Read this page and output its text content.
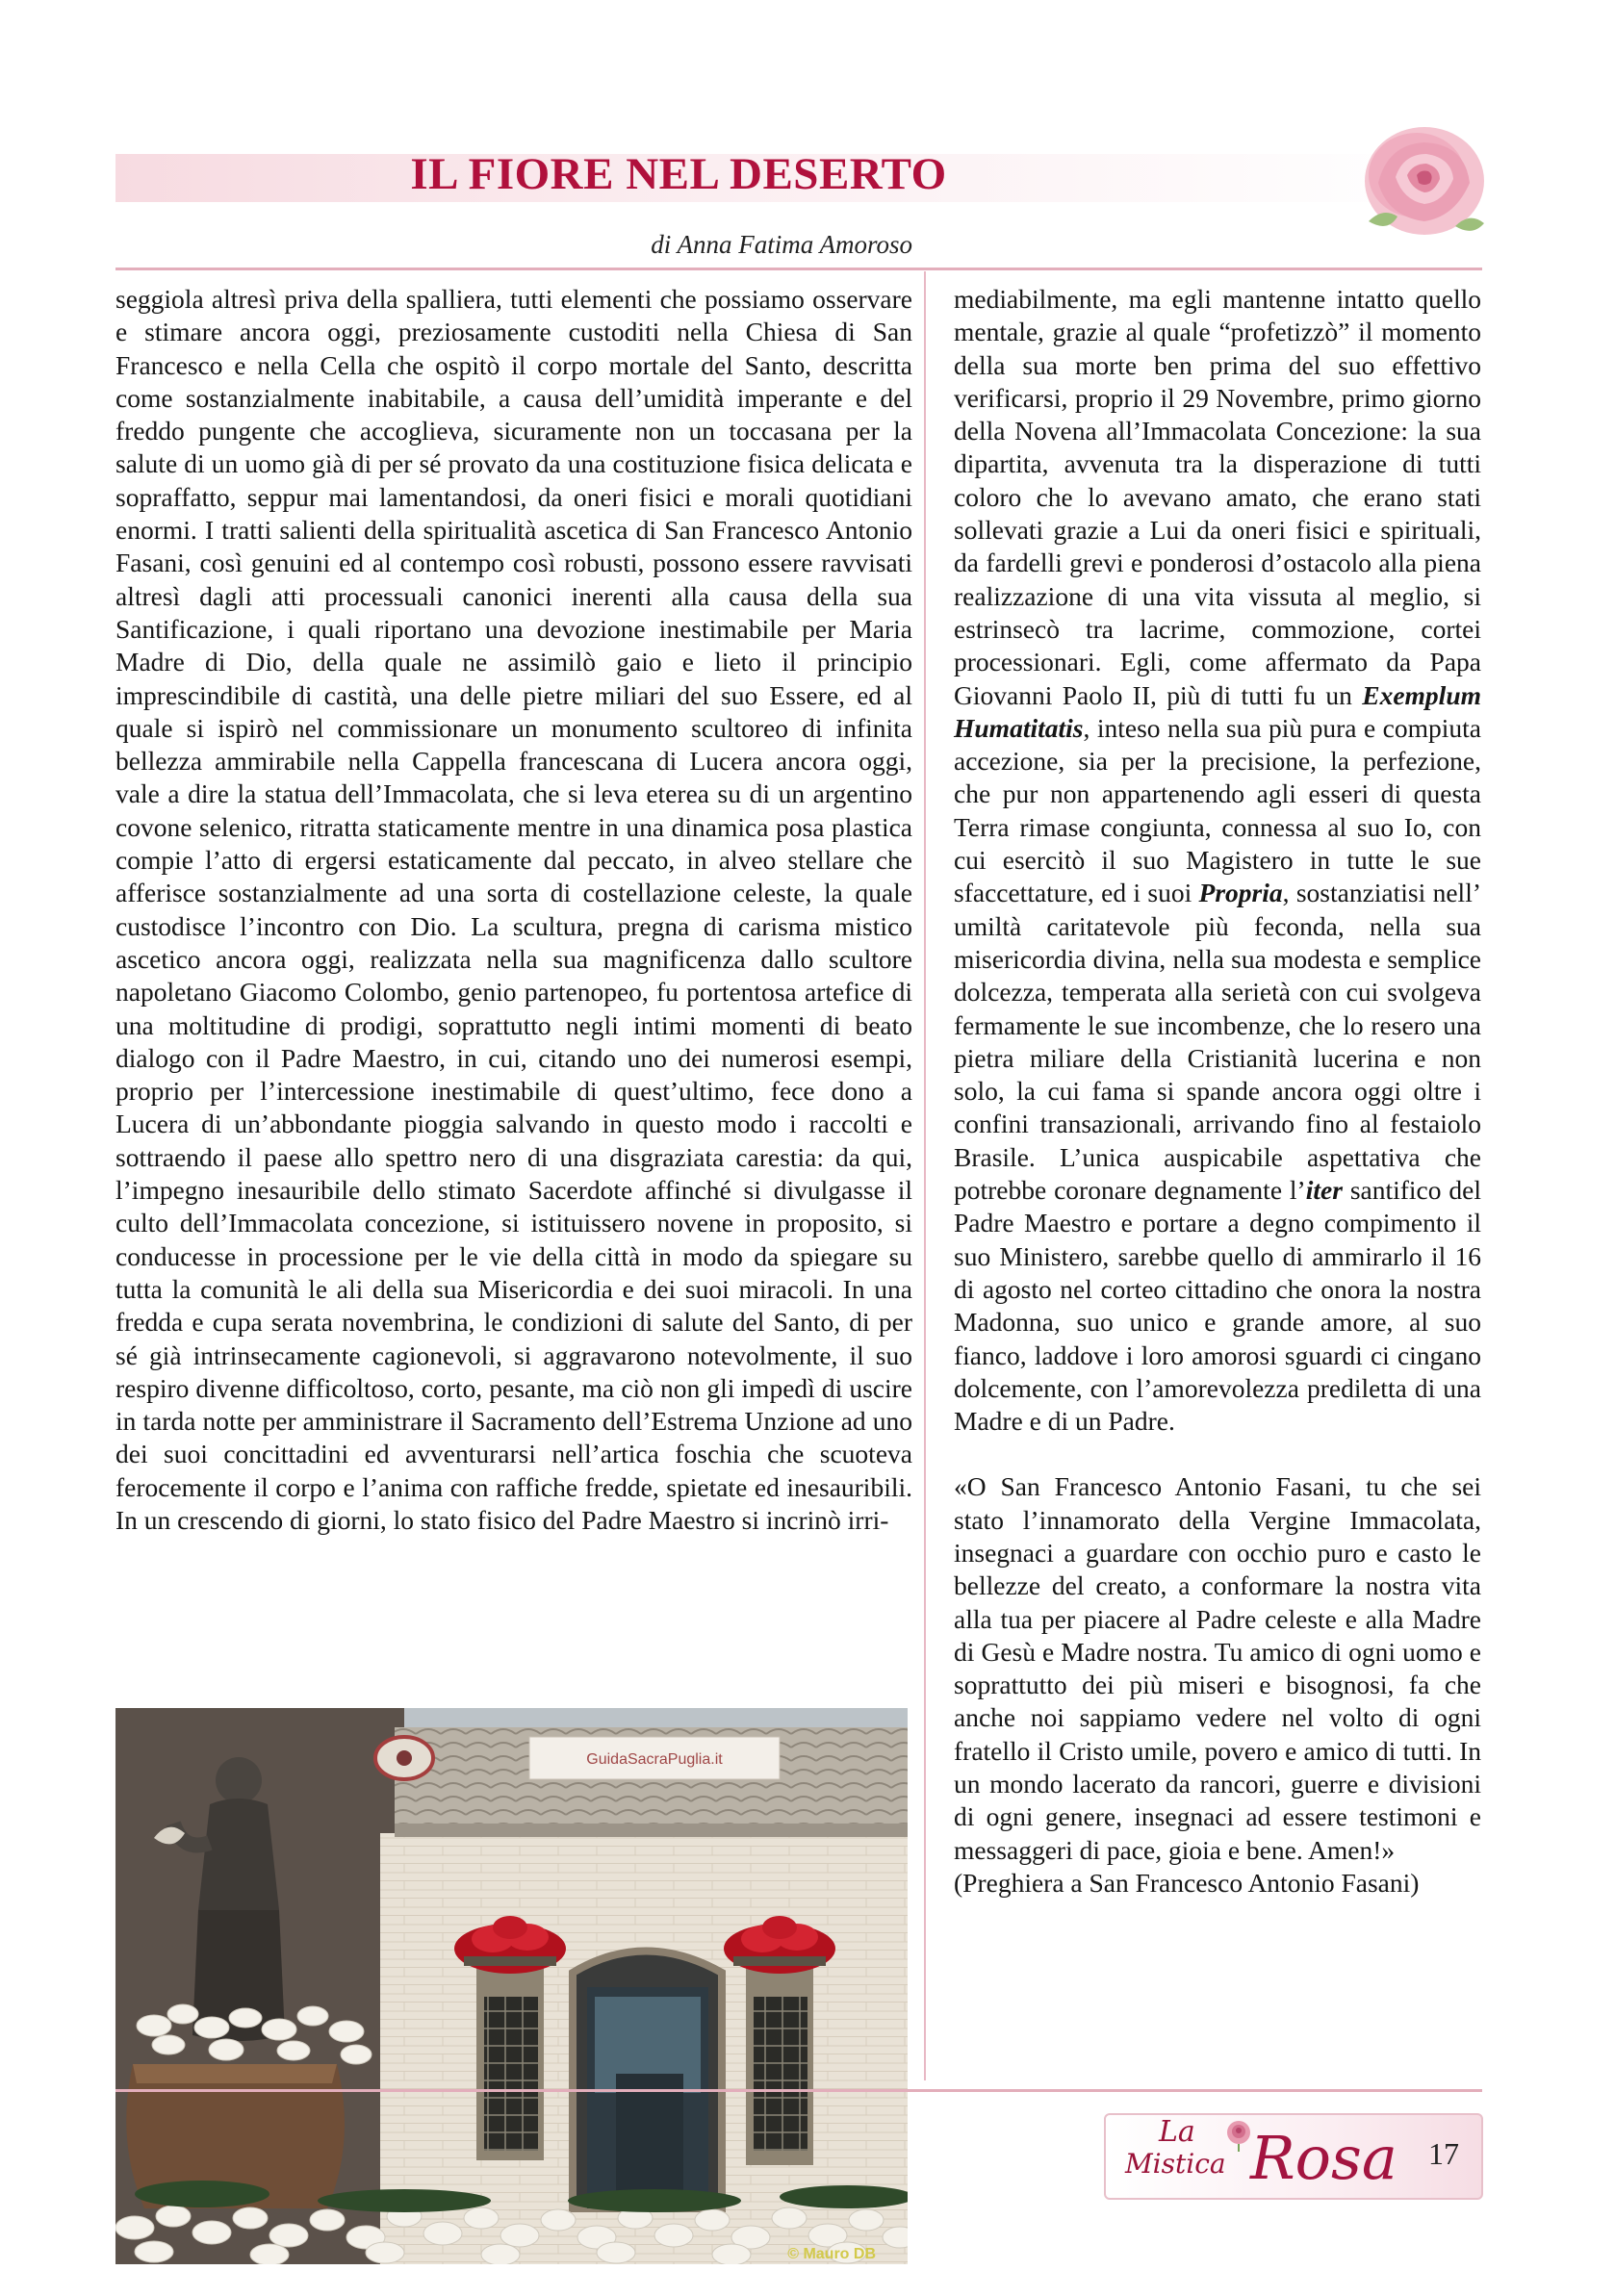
IL FIORE NEL DESERTO
di Anna Fatima Amoroso

seggiola altresì priva della spalliera, tutti elementi che possiamo osservare e stimare ancora oggi, preziosamente custoditi nella Chiesa di San Francesco e nella Cella che ospitò il corpo mortale del Santo, descritta come sostanzialmente inabitabile, a causa dell’umidità imperante e del freddo pungente che accoglieva, sicuramente non un toccasana per la salute di un uomo già di per sé provato da una costituzione fisica delicata e sopraffatto, seppur mai lamentandosi, da oneri fisici e morali quotidiani enormi. I tratti salienti della spiritualità ascetica di San Francesco Antonio Fasani, così genuini ed al contempo così robusti, possono essere ravvisati altresì dagli atti processuali canonici inerenti alla causa della sua Santificazione, i quali riportano una devozione inestimabile per Maria Madre di Dio, della quale ne assimilò gaio e lieto il principio imprescindibile di castità, una delle pietre miliari del suo Essere, ed al quale si ispirò nel commissionare un monumento scultoreo di infinita bellezza ammirabile nella Cappella francescana di Lucera ancora oggi, vale a dire la statua dell’Immacolata, che si leva eterea su di un argentino covone selenico, ritratta staticamente mentre in una dinamica posa plastica compie l’atto di ergersi estaticamente dal peccato, in alveo stellare che afferisce sostanzialmente ad una sorta di costellazione celeste, la quale custodisce l’incontro con Dio. La scultura, pregna di carisma mistico ascetico ancora oggi, realizzata nella sua magnificenza dallo scultore napoletano Giacomo Colombo, genio partenopeo, fu portentosa artefice di una moltitudine di prodigi, soprattutto negli intimi momenti di beato dialogo con il Padre Maestro, in cui, citando uno dei numerosi esempi, proprio per l’intercessione inestimabile di quest’ultimo, fece dono a Lucera di un’abbondante pioggia salvando in questo modo i raccolti e sottraendo il paese allo spettro nero di una disgraziata carestia: da qui, l’impegno inesauribile dello stimato Sacerdote affinché si divulgasse il culto dell’Immacolata concezione, si istituissero novene in proposito, si conducesse in processione per le vie della città in modo da spiegare su tutta la comunità le ali della sua Misericordia e dei suoi miracoli. In una fredda e cupa serata novembrina, le condizioni di salute del Santo, di per sé già intrinsecamente cagionevoli, si aggravarono notevolmente, il suo respiro divenne difficoltoso, corto, pesante, ma ciò non gli impedì di uscire in tarda notte per amministrare il Sacramento dell’Estrema Unzione ad uno dei suoi concittadini ed avventurarsi nell’artica foschia che scuoteva ferocemente il corpo e l’anima con raffiche fredde, spietate ed inesauribili. In un crescendo di giorni, lo stato fisico del Padre Maestro si incrinò irri-

mediabilmente, ma egli mantenne intatto quello mentale, grazie al quale “profetizzò” il momento della sua morte ben prima del suo effettivo verificarsi, proprio il 29 Novembre, primo giorno della Novena all’Immacolata Concezione: la sua dipartita, avvenuta tra la disperazione di tutti coloro che lo avevano amato, che erano stati sollevati grazie a Lui da oneri fisici e spirituali, da fardelli grevi e ponderosi d’ostacolo alla piena realizzazione di una vita vissuta al meglio, si estrinsecò tra lacrime, commozione, cortei processionari. Egli, come affermato da Papa Giovanni Paolo II, più di tutti fu un Exemplum Humatitatis, inteso nella sua più pura e compiuta accezione, sia per la precisione, la perfezione, che pur non appartenendo agli esseri di questa Terra rimase congiunta, connessa al suo Io, con cui esercitò il suo Magistero in tutte le sue sfaccettature, ed i suoi Propria, sostanziatisi nell’ umiltà caritatevole più feconda, nella sua misericordia divina, nella sua modesta e semplice dolcezza, temperata alla serietà con cui svolgeva fermamente le sue incombenze, che lo resero una pietra miliare della Cristianità lucerina e non solo, la cui fama si spande ancora oggi oltre i confini transazionali, arrivando fino al festaiolo Brasile. L’unica auspicabile aspettativa che potrebbe coronare degnamente l’iter santifico del Padre Maestro e portare a degno compimento il suo Ministero, sarebbe quello di ammirarlo il 16 di agosto nel corteo cittadino che onora la nostra Madonna, suo unico e grande amore, al suo fianco, laddove i loro amorosi sguardi ci cingano dolcemente, con l’amorevolezza prediletta di una Madre e di un Padre.

«O San Francesco Antonio Fasani, tu che sei stato l’innamorato della Vergine Immacolata, insegnaci a guardare con occhio puro e casto le bellezze del creato, a conformare la nostra vita alla tua per piacere al Padre celeste e alla Madre di Gesù e Madre nostra. Tu amico di ogni uomo e soprattutto dei più miseri e bisognosi, fa che anche noi sappiamo vedere nel volto di ogni fratello il Cristo umile, povero e amico di tutti. In un mondo lacerato da rancori, guerre e divisioni di ogni genere, insegnaci ad essere testimoni e messaggeri di pace, gioia e bene. Amen!»

(Preghiera a San Francesco Antonio Fasani)

GuidaSacraPuglia.it
© Mauro DB
La
Mistica Rosa 17
